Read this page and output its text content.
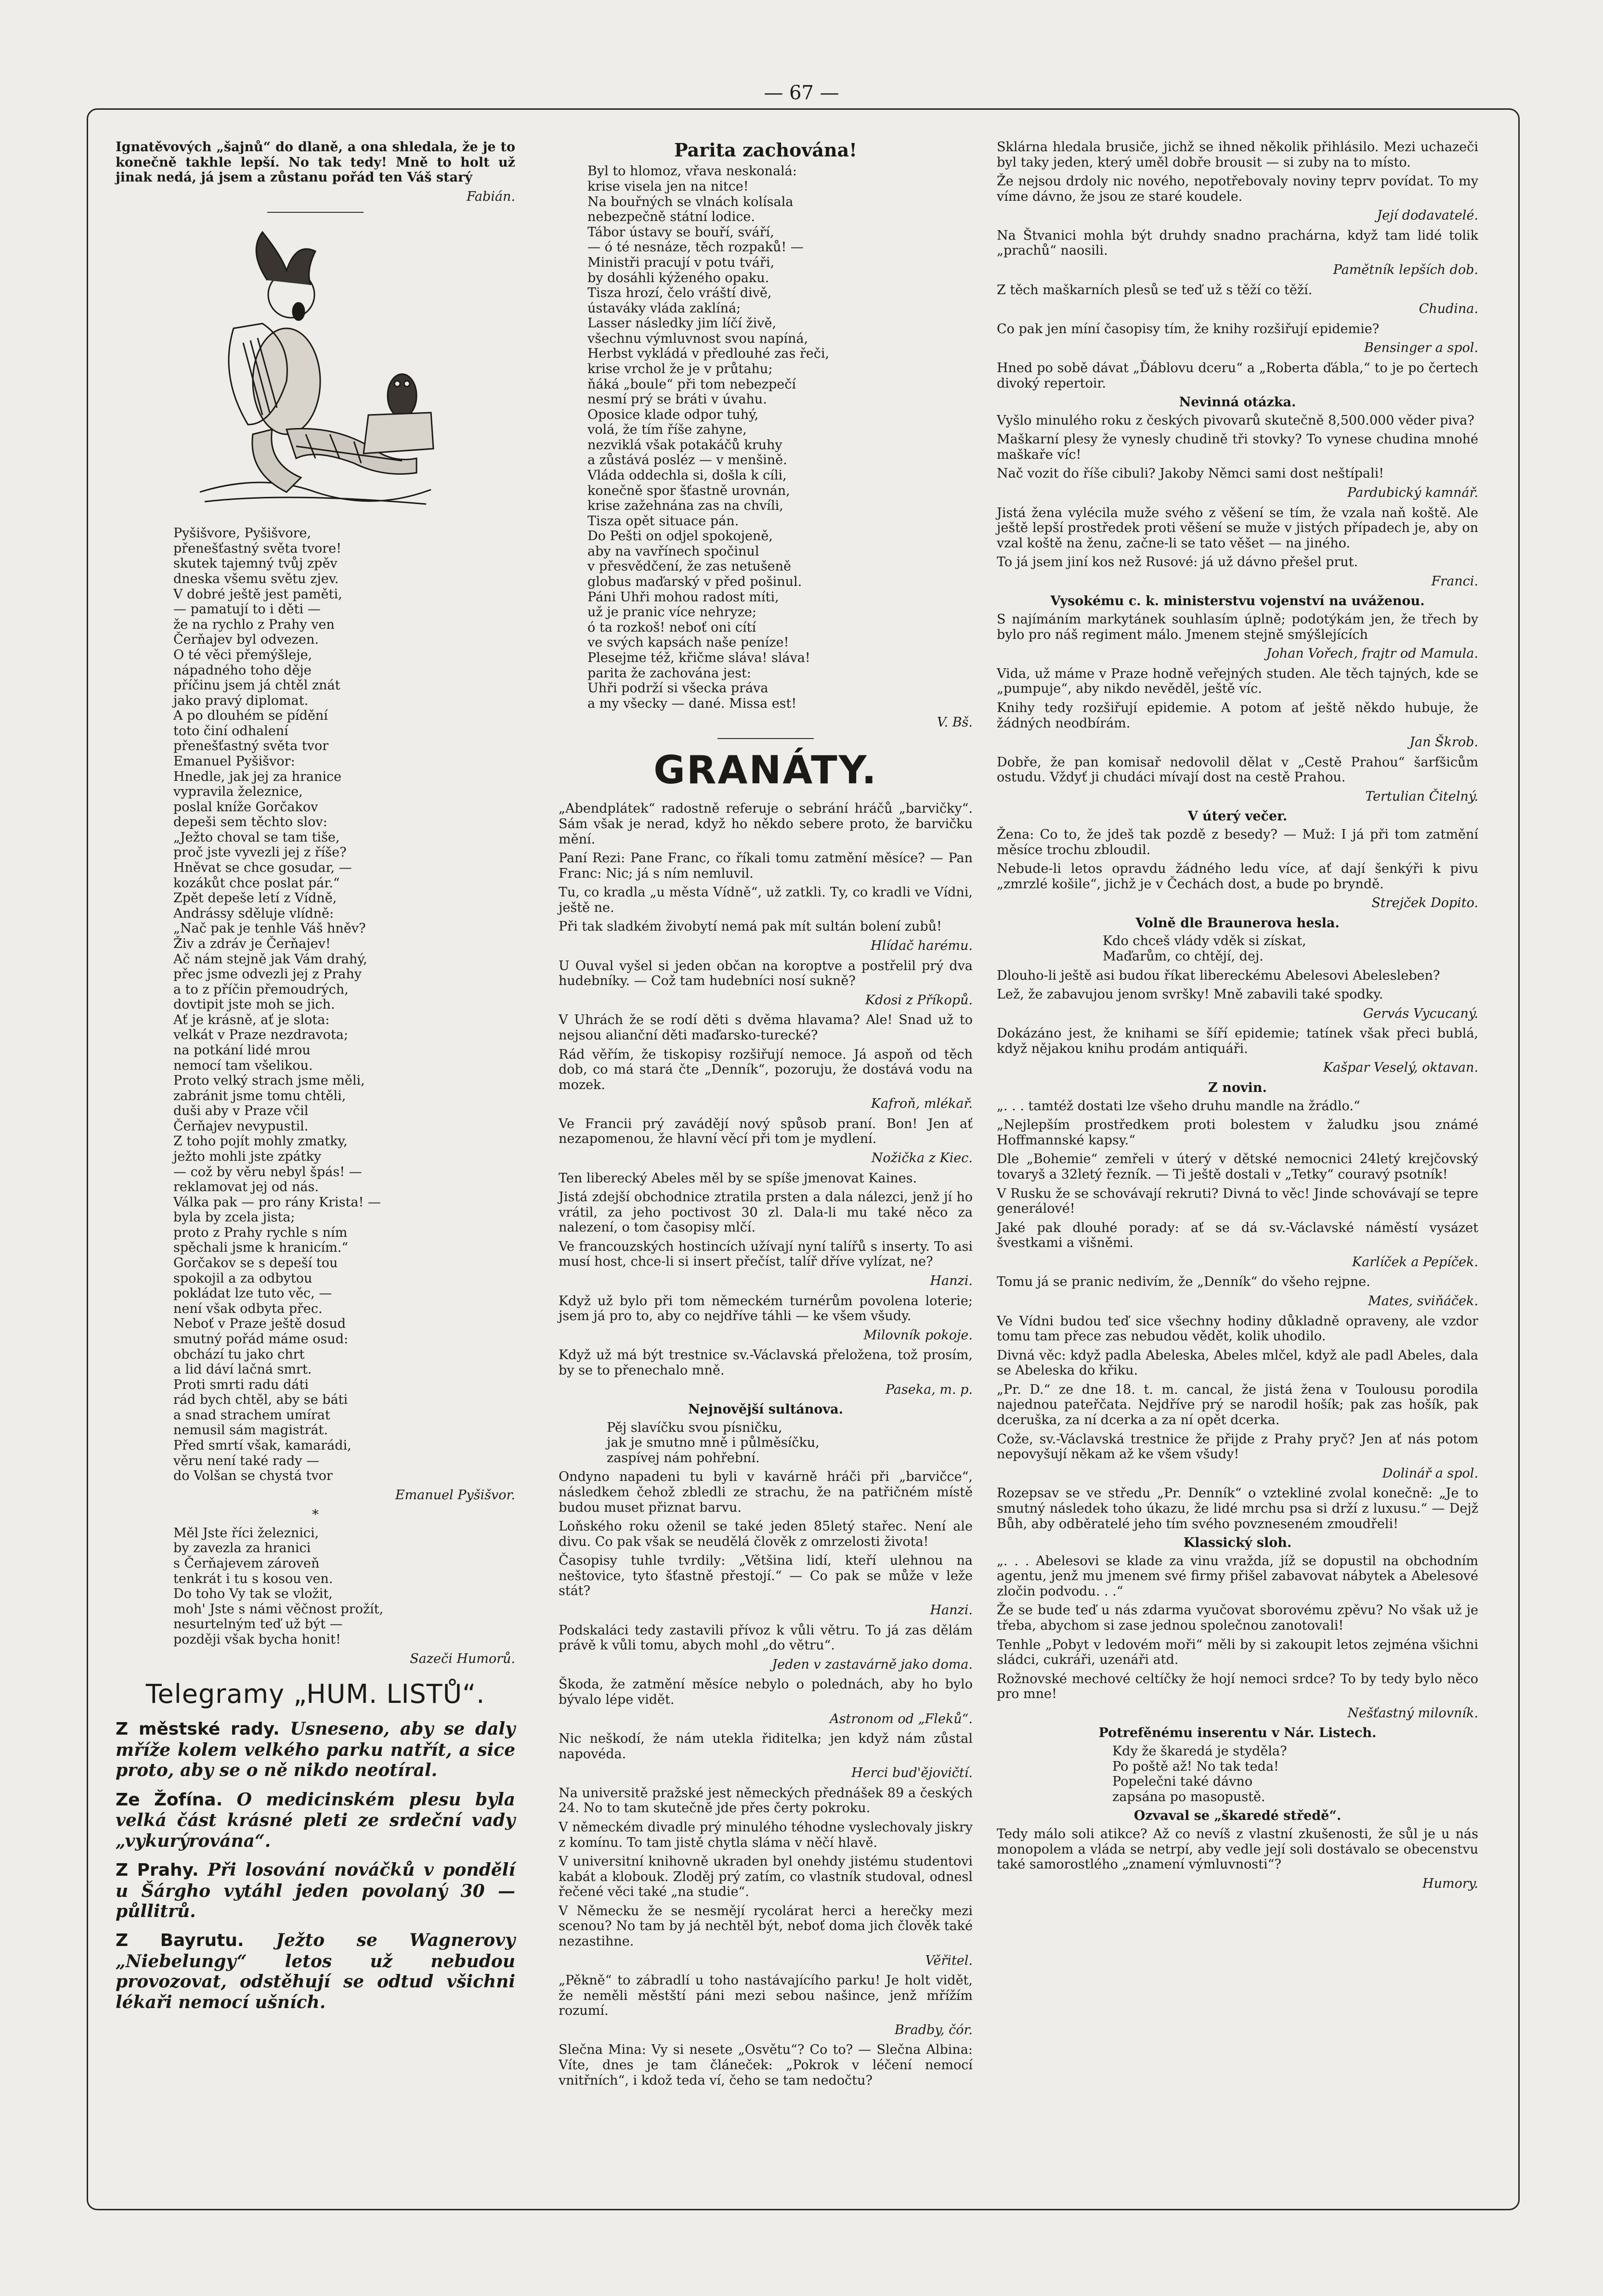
— 67 —

Ignatěvových „šajnů“ do dlaně, a ona shledala, že je to konečně takhle lepší. No tak tedy! Mně to holt už jinak nedá, já jsem a zůstanu pořád ten Váš starý

Fabián.
Pyšišvore, Pyšišvore,
přenešťastný světa tvore!
skutek tajemný tvůj zpěv
dneska všemu světu zjev.
V dobré ještě jest paměti,
— pamatují to i děti —
že na rychlo z Prahy ven
Čerňajev byl odvezen.
O té věci přemýšleje,
nápadného toho děje
příčinu jsem já chtěl znát
jako pravý diplomat.
A po dlouhém se pídění
toto činí odhalení
přenešťastný světa tvor
Emanuel Pyšišvor:
Hnedle, jak jej za hranice
vypravila železnice,
poslal kníže Gorčakov
depeši sem těchto slov:
„Ježto choval se tam tiše,
proč jste vyvezli jej z říše?
Hněvat se chce gosudar, —
kozákůt chce poslat pár.“
Zpět depeše letí z Vídně,
Andrássy sděluje vlídně:
„Nač pak je tenhle Váš hněv?
Živ a zdráv je Čerňajev!
Ač nám stejně jak Vám drahý,
přec jsme odvezli jej z Prahy
a to z příčin přemoudrých,
dovtipit jste moh se jich.
Ať je krásně, ať je slota:
velkát v Praze nezdravota;
na potkání lidé mrou
nemocí tam všelikou.
Proto velký strach jsme měli,
zabránit jsme tomu chtěli,
duši aby v Praze včil
Čerňajev nevypustil.
Z toho pojít mohly zmatky,
ježto mohli jste zpátky
— což by věru nebyl špás! —
reklamovat jej od nás.
Válka pak — pro rány Krista! —
byla by zcela jista;
proto z Prahy rychle s ním
spěchali jsme k hranicím.“
Gorčakov se s depeší tou
spokojil a za odbytou
pokládat lze tuto věc, —
není však odbyta přec.
Neboť v Praze ještě dosud
smutný pořád máme osud:
obchází tu jako chrt
a lid dáví lačná smrt.
Proti smrti radu dáti
rád bych chtěl, aby se báti
a snad strachem umírat
nemusil sám magistrát.
Před smrtí však, kamarádi,
věru není také rady —
do Volšan se chystá tvor
Emanuel Pyšišvor.
*
Měl Jste říci železnici,
by zavezla za hranici
s Čerňajevem zároveň
tenkrát i tu s kosou ven.
Do toho Vy tak se vložit,
moh' Jste s námi věčnost prožít,
nesurtelným teď už být —
později však bycha honit!
Sazeči Humorů.
Telegramy „HUM. LISTŮ“.

Z městské rady. Usneseno, aby se daly mříže kolem velkého parku natřít, a sice proto, aby se o ně nikdo neotíral.

Ze Žofína. O medicinském plesu byla velká část krásné pleti ze srdeční vady „vykurýrována“.

Z Prahy. Při losování nováčků v pondělí u Šárgho vytáhl jeden povolaný 30 — půllitrů.

Z Bayrutu. Ježto se Wagnerovy „Niebelungy“ letos už nebudou provozovat, odstěhují se odtud všichni lékaři nemocí ušních.

Parita zachována!
Byl to hlomoz, vřava neskonalá:
krise visela jen na nitce!
Na bouřných se vlnách kolísala
nebezpečně státní lodice.
Tábor ústavy se bouří, sváří,
— ó té nesnáze, těch rozpaků! —
Ministři pracují v potu tváři,
by dosáhli kýženého opaku.
Tisza hrozí, čelo vráští divě,
ústaváky vláda zaklíná;
Lasser následky jim líčí živě,
všechnu výmluvnost svou napíná,
Herbst vykládá v předlouhé zas řeči,
krise vrchol že je v průtahu;
ňáká „boule“ při tom nebezpečí
nesmí prý se bráti v úvahu.
Oposice klade odpor tuhý,
volá, že tím říše zahyne,
nezviklá však potakáčů kruhy
a zůstává posléz — v menšině.
Vláda oddechla si, došla k cíli,
konečně spor šťastně urovnán,
krise zažehnána zas na chvíli,
Tisza opět situace pán.
Do Pešti on odjel spokojeně,
aby na vavřínech spočinul
v přesvědčení, že zas netušeně
globus maďarský v před pošinul.
Páni Uhři mohou radost míti,
už je pranic více nehryze;
ó ta rozkoš! neboť oni cítí
ve svých kapsách naše peníze!
Plesejme též, křičme sláva! sláva!
parita že zachována jest:
Uhři podrží si všecka práva
a my všecky — dané. Missa est!
V. Bš.
GRANÁTY.

„Abendplátek“ radostně referuje o sebrání hráčů „barvičky“. Sám však je nerad, když ho někdo sebere proto, že barvičku mění.

Paní Rezi: Pane Franc, co říkali tomu zatmění měsíce? — Pan Franc: Nic; já s ním nemluvil.

Tu, co kradla „u města Vídně“, už zatkli. Ty, co kradli ve Vídni, ještě ne.

Při tak sladkém živobytí nemá pak mít sultán bolení zubů!

Hlídač harému.

U Ouval vyšel si jeden občan na koroptve a postřelil prý dva hudebníky. — Což tam hudebníci nosí sukně?

Kdosi z Příkopů.

V Uhrách že se rodí děti s dvěma hlavama? Ale! Snad už to nejsou alianční děti maďarsko-turecké?

Rád věřím, že tiskopisy rozšiřují nemoce. Já aspoň od těch dob, co má stará čte „Denník“, pozoruju, že dostává vodu na mozek.

Kafroň, mlékař.

Ve Francii prý zavádějí nový spůsob praní. Bon! Jen ať nezapomenou, že hlavní věcí při tom je mydlení.

Nožička z Kiec.

Ten liberecký Abeles měl by se spíše jmenovat Kaines.

Jistá zdejší obchodnice ztratila prsten a dala nálezci, jenž jí ho vrátil, za jeho poctivost 30 zl. Dala-li mu také něco za nalezení, o tom časopisy mlčí.

Ve francouzských hostincích užívají nyní talířů s inserty. To asi musí host, chce-li si insert přečíst, talíř dříve vylízat, ne?

Hanzi.

Když už bylo při tom německém turnérům povolena loterie; jsem já pro to, aby co nejdříve táhli — ke všem všudy.

Milovník pokoje.

Když už má být trestnice sv.-Václavská přeložena, tož prosím, by se to přenechalo mně.

Paseka, m. p.
Nejnovější sultánova.
Pěj slavíčku svou písničku,
jak je smutno mně i půlměsíčku,
zaspívej nám pohřební.

Ondyno napadeni tu byli v kavárně hráči při „barvičce“, následkem čehož zbledli ze strachu, že na patřičném místě budou muset přiznat barvu.

Loňského roku oženil se také jeden 85letý stařec. Není ale divu. Co pak však se neudělá člověk z omrzelosti života!

Časopisy tuhle tvrdily: „Většina lidí, kteří ulehnou na neštovice, tyto šťastně přestojí.“ — Co pak se může v leže stát?

Hanzi.

Podskaláci tedy zastavili přívoz k vůli větru. To já zas dělám právě k vůli tomu, abych mohl „do větru“.

Jeden v zastavárně jako doma.

Škoda, že zatmění měsíce nebylo o polednách, aby ho bylo bývalo lépe vidět.

Astronom od „Fleků“.

Nic neškodí, že nám utekla řiditelka; jen když nám zůstal napovéda.

Herci bud'ějovičtí.

Na universitě pražské jest německých přednášek 89 a českých 24. No to tam skutečně jde přes čerty pokroku.

V německém divadle prý minulého téhodne vyslechovaly jiskry z komínu. To tam jistě chytla sláma v něčí hlavě.

V universitní knihovně ukraden byl onehdy jistému studentovi kabát a klobouk. Zloděj prý zatím, co vlastník studoval, odnesl řečené věci také „na studie“.

V Německu že se nesmějí rycolárat herci a herečky mezi scenou? No tam by já nechtěl být, neboť doma jich člověk také nezastihne.

Věřitel.

„Pěkně“ to zábradlí u toho nastávajícího parku! Je holt vidět, že neměli městští páni mezi sebou našince, jenž mřížím rozumí.

Bradby, čór.

Slečna Mina: Vy si nesete „Osvětu“? Co to? — Slečna Albina: Víte, dnes je tam článeček: „Pokrok v léčení nemocí vnitřních“, i kdož teda ví, čeho se tam nedočtu?

Sklárna hledala brusiče, jichž se ihned několik přihlásilo. Mezi uchazeči byl taky jeden, který uměl dobře brousit — si zuby na to místo.

Že nejsou drdoly nic nového, nepotřebovaly noviny teprv povídat. To my víme dávno, že jsou ze staré koudele.

Její dodavatelé.

Na Štvanici mohla být druhdy snadno prachárna, když tam lidé tolik „prachů“ naosili.

Pamětník lepších dob.

Z těch maškarních plesů se teď už s těží co těží.

Chudina.

Co pak jen míní časopisy tím, že knihy rozšiřují epidemie?

Bensinger a spol.

Hned po sobě dávat „Ďáblovu dceru“ a „Roberta ďábla,“ to je po čertech divoký repertoir.

Nevinná otázka.

Vyšlo minulého roku z českých pivovarů skutečně 8,500.000 věder piva?

Maškarní plesy že vynesly chudině tři stovky? To vynese chudina mnohé maškaře víc!

Nač vozit do říše cibuli? Jakoby Němci sami dost neštípali!

Pardubický kamnář.

Jistá žena vylécila muže svého z věšení se tím, že vzala naň koště. Ale ještě lepší prostředek proti věšení se muže v jistých případech je, aby on vzal koště na ženu, začne-li se tato věšet — na jiného.

To já jsem jiní kos než Rusové: já už dávno přešel prut.

Franci.
Vysokému c. k. ministerstvu vojenství na uváženou.

S najímáním markytánek souhlasím úplně; podotýkám jen, že třech by bylo pro náš regiment málo. Jmenem stejně smýšlejících

Johan Vořech, frajtr od Mamula.

Vida, už máme v Praze hodně veřejných studen. Ale těch tajných, kde se „pumpuje“, aby nikdo nevěděl, ještě víc.

Knihy tedy rozšiřují epidemie. A potom ať ještě někdo hubuje, že žádných neodbírám.

Jan Škrob.

Dobře, že pan komisař nedovolil dělat v „Cestě Prahou“ šarfšicům ostudu. Vždyť ji chudáci mívají dost na cestě Prahou.

Tertulian Čitelný.
V úterý večer.

Žena: Co to, že jdeš tak pozdě z besedy? — Muž: I já při tom zatmění měsíce trochu zbloudil.

Nebude-li letos opravdu žádného ledu více, ať dají šenkýři k pivu „zmrzlé košile“, jichž je v Čechách dost, a bude po bryndě.

Strejček Dopito.
Volně dle Braunerova hesla.
Kdo chceš vlády vděk si získat,
Maďarům, co chtějí, dej.

Dlouho-li ještě asi budou říkat libereckému Abelesovi Abelesleben?

Lež, že zabavujou jenom svršky! Mně zabavili také spodky.

Gervás Vycucaný.

Dokázáno jest, že knihami se šíří epidemie; tatínek však přeci bublá, když nějakou knihu prodám antiquáři.

Kašpar Veselý, oktavan.
Z novin.

„. . . tamtéž dostati lze všeho druhu mandle na žrádlo.“

„Nejlepším prostředkem proti bolestem v žaludku jsou známé Hoffmannské kapsy.“

Dle „Bohemie“ zemřeli v úterý v dětské nemocnici 24letý krejčovský tovaryš a 32letý řezník. — Ti ještě dostali v „Tetky“ couravý psotník!

V Rusku že se schovávají rekruti? Divná to věc! Jinde schovávají se tepre generálové!

Jaké pak dlouhé porady: ať se dá sv.-Václavské náměstí vysázet švestkami a višněmi.

Karlíček a Pepíček.

Tomu já se pranic nedivím, že „Denník“ do všeho rejpne.

Mates, sviňáček.

Ve Vídni budou teď sice všechny hodiny důkladně opraveny, ale vzdor tomu tam přece zas nebudou vědět, kolik uhodilo.

Divná věc: když padla Abeleska, Abeles mlčel, když ale padl Abeles, dala se Abeleska do křiku.

„Pr. D.“ ze dne 18. t. m. cancal, že jistá žena v Toulousu porodila najednou pateřčata. Nejdříve prý se narodil hošík; pak zas hošík, pak dceruška, za ní dcerka a za ní opět dcerka.

Cože, sv.-Václavská trestnice že přijde z Prahy pryč? Jen ať nás potom nepovyšují někam až ke všem všudy!

Dolinář a spol.

Rozepsav se ve středu „Pr. Denník“ o vztekliné zvolal konečně: „Je to smutný následek toho úkazu, že lidé mrchu psa si drží z luxusu.“ — Dejž Bůh, aby odběratelé jeho tím svého povzneseném zmoudřeli!

Klassický sloh.

„. . . Abelesovi se klade za vinu vražda, jíž se dopustil na obchodním agentu, jenž mu jmenem své firmy přišel zabavovat nábytek a Abelesové zločin podvodu. . .“

Že se bude teď u nás zdarma vyučovat sborovému zpěvu? No však už je třeba, abychom si zase jednou společnou zanotovali!

Tenhle „Pobyt v ledovém moři“ měli by si zakoupit letos zejména všichni sládci, cukráři, uzenáři atd.

Rožnovské mechové celtíčky že hojí nemoci srdce? To by tedy bylo něco pro mne!

Nešťastný milovník.
Potrefěnému inserentu v Nár. Listech.
Kdy že škaredá je styděla?
Po poště až! No tak teda!
Popelečni také dávno
zapsána po masopustě.
Ozvaval se „škaredé středě“.

Tedy málo soli atikce? Až co nevíš z vlastní zkušenosti, že sůl je u nás monopolem a vláda se netrpí, aby vedle její soli dostávalo se obecenstvu také samorostlého „znamení výmluvnosti“?

Humory.
